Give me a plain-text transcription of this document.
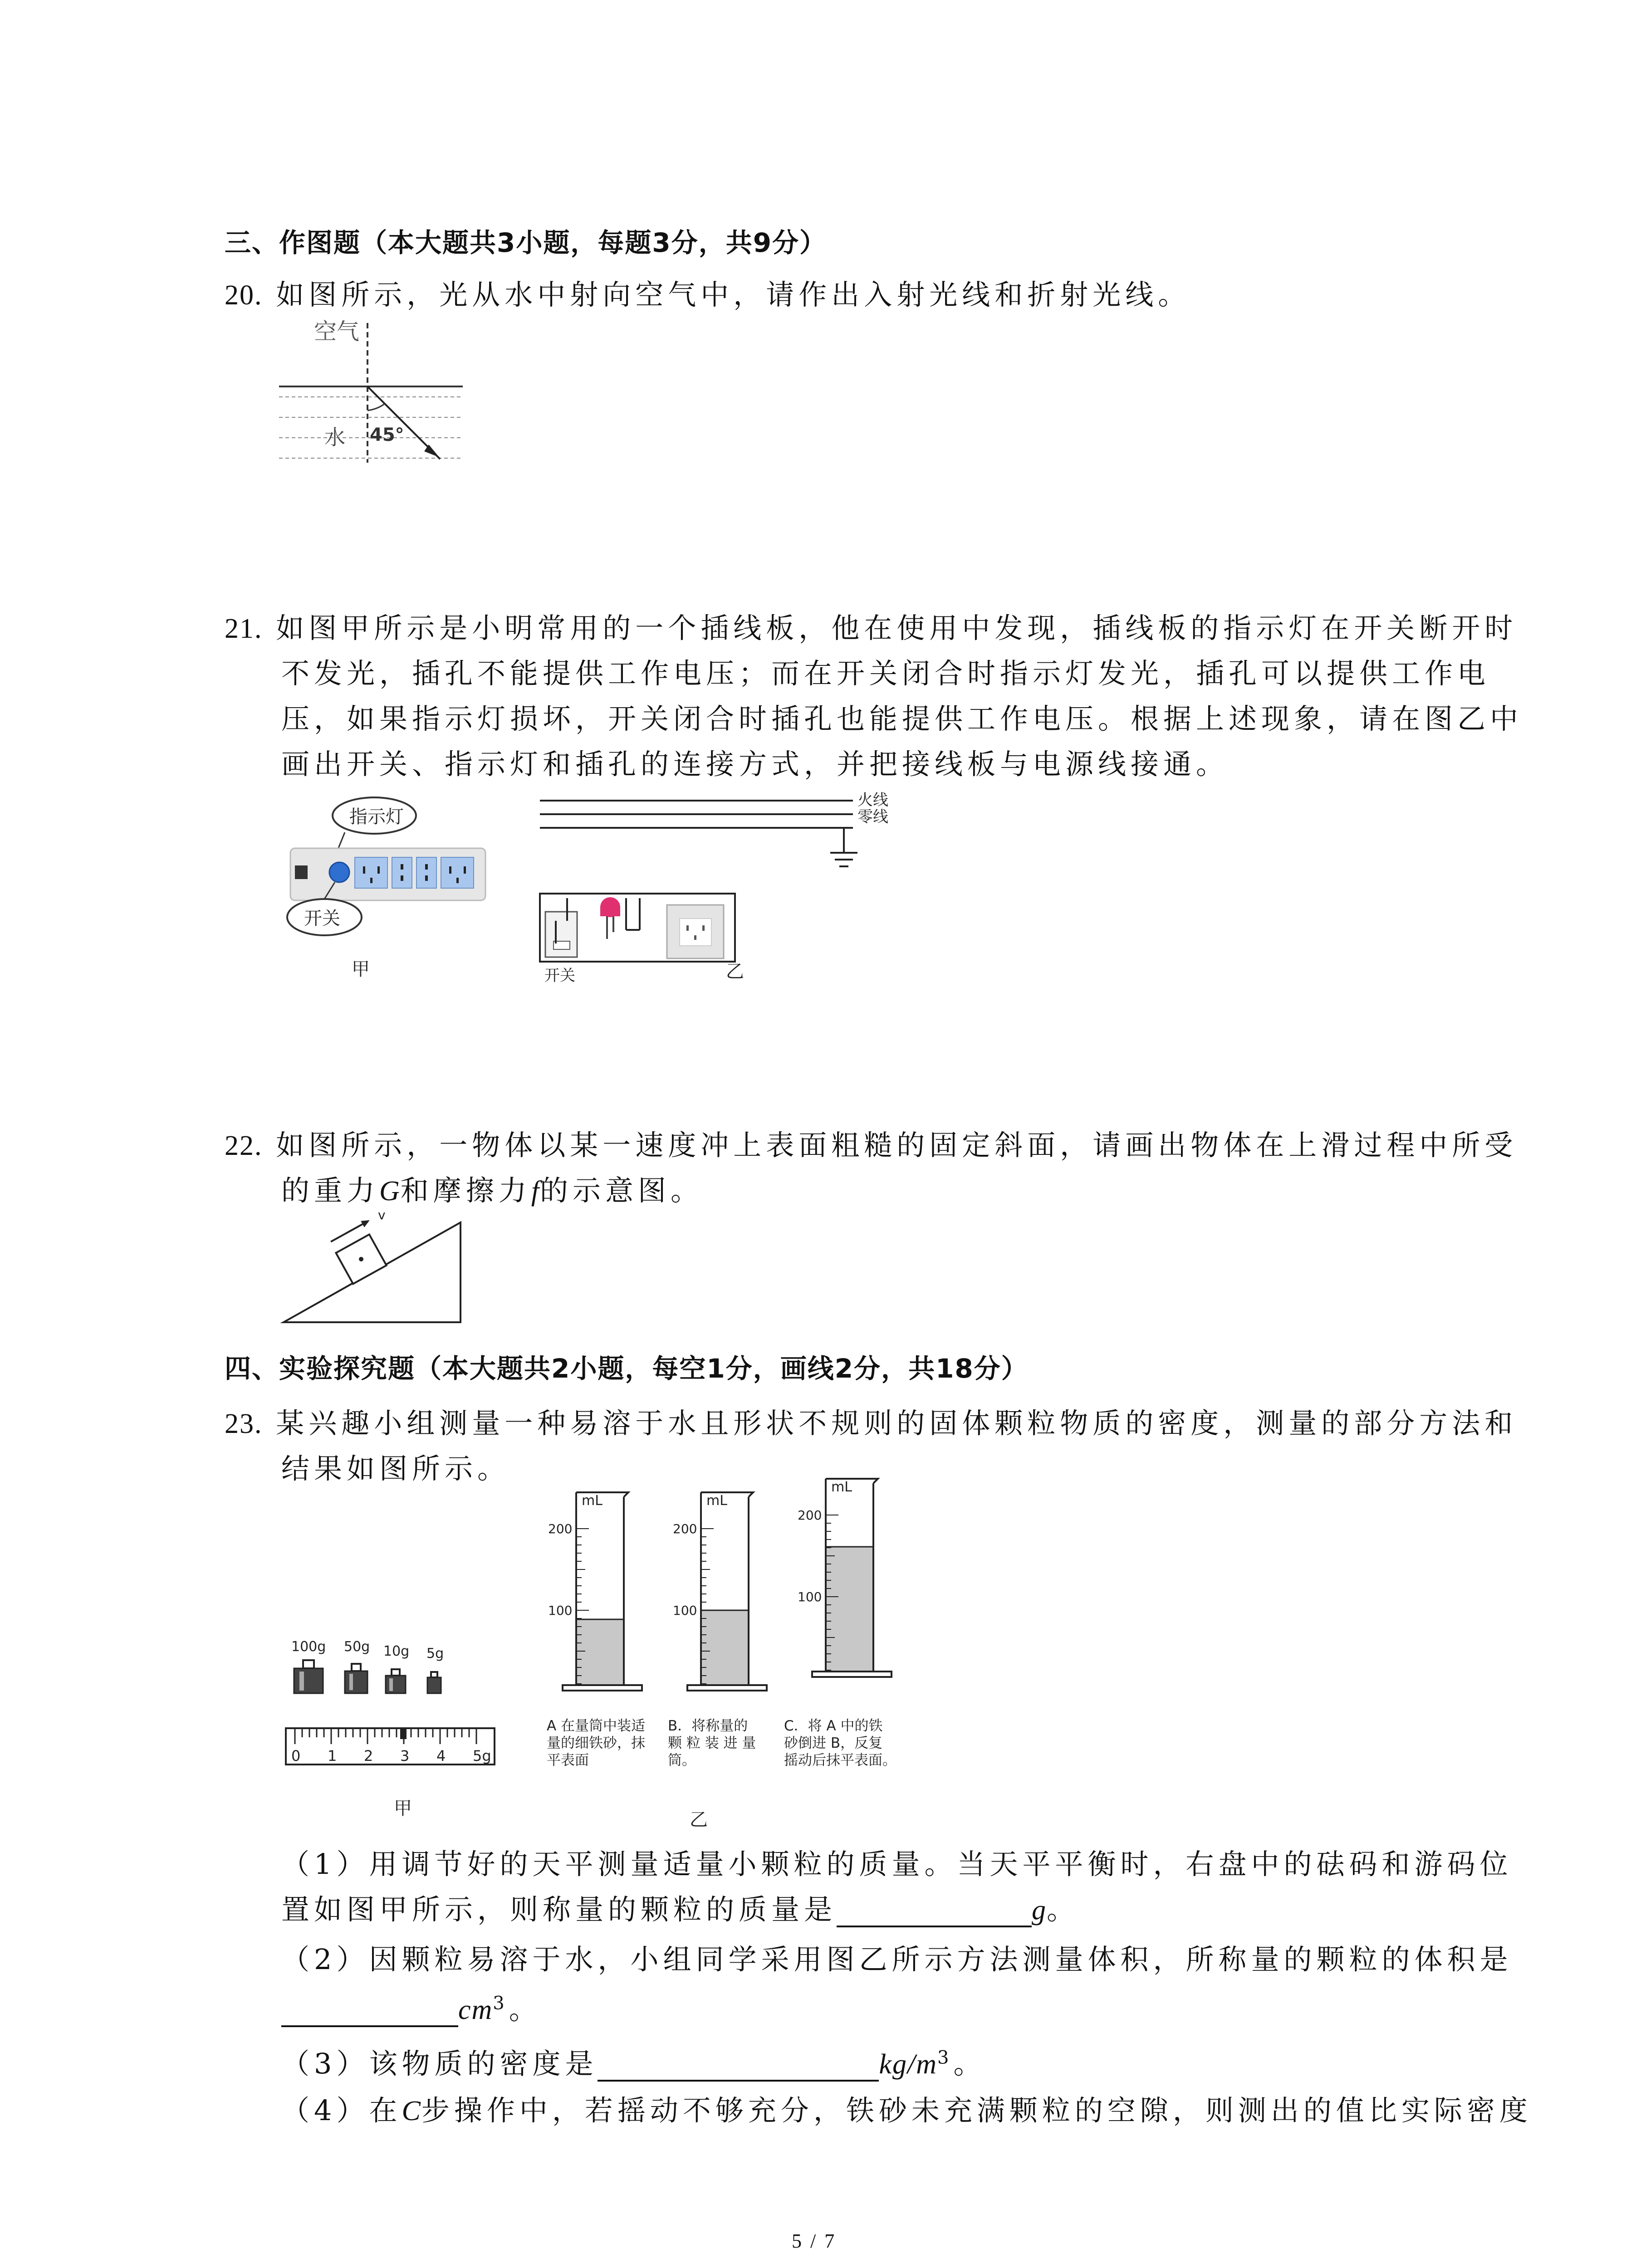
三、作图题（本大题共3小题，每题3分，共9分）
20. 如图所示，光从水中射向空气中，请作出入射光线和折射光线。
空气
水 45°
21. 如图甲所示是小明常用的一个插线板，他在使用中发现，插线板的指示灯在开关断开时
不发光，插孔不能提供工作电压；而在开关闭合时指示灯发光，插孔可以提供工作电
压，如果指示灯损坏，开关闭合时插孔也能提供工作电压。根据上述现象，请在图乙中
画出开关、指示灯和插孔的连接方式，并把接线板与电源线接通。
指示灯
开关
甲
火线
零线
开关	乙
22. 如图所示，一物体以某一速度冲上表面粗糙的固定斜面，请画出物体在上滑过程中所受
的重力G和摩擦力f的示意图。
v
四、实验探究题（本大题共2小题，每空1分，画线2分，共18分）
23. 某兴趣小组测量一种易溶于水且形状不规则的固体颗粒物质的密度，测量的部分方法和
结果如图所示。
100g 50g 10g 5g
0 1 2 3 4 5g
甲
mL
200
100
mL
200
100
mL
200
100
A 在量筒中装适
量的细铁砂，抹
平表面
B．将称量的
颗 粒 装 进 量
筒。
C．将 A 中的铁
砂倒进 B，反复
摇动后抹平表面。
乙
（1）用调节好的天平测量适量小颗粒的质量。当天平平衡时，右盘中的砝码和游码位
置如图甲所示，则称量的颗粒的质量是	g。
（2）因颗粒易溶于水，小组同学采用图乙所示方法测量体积，所称量的颗粒的体积是
$cm^3$。
（3）该物质的密度是	$kg/m^3$。
（4）在C步操作中，若摇动不够充分，铁砂未充满颗粒的空隙，则测出的值比实际密度
5 / 7
